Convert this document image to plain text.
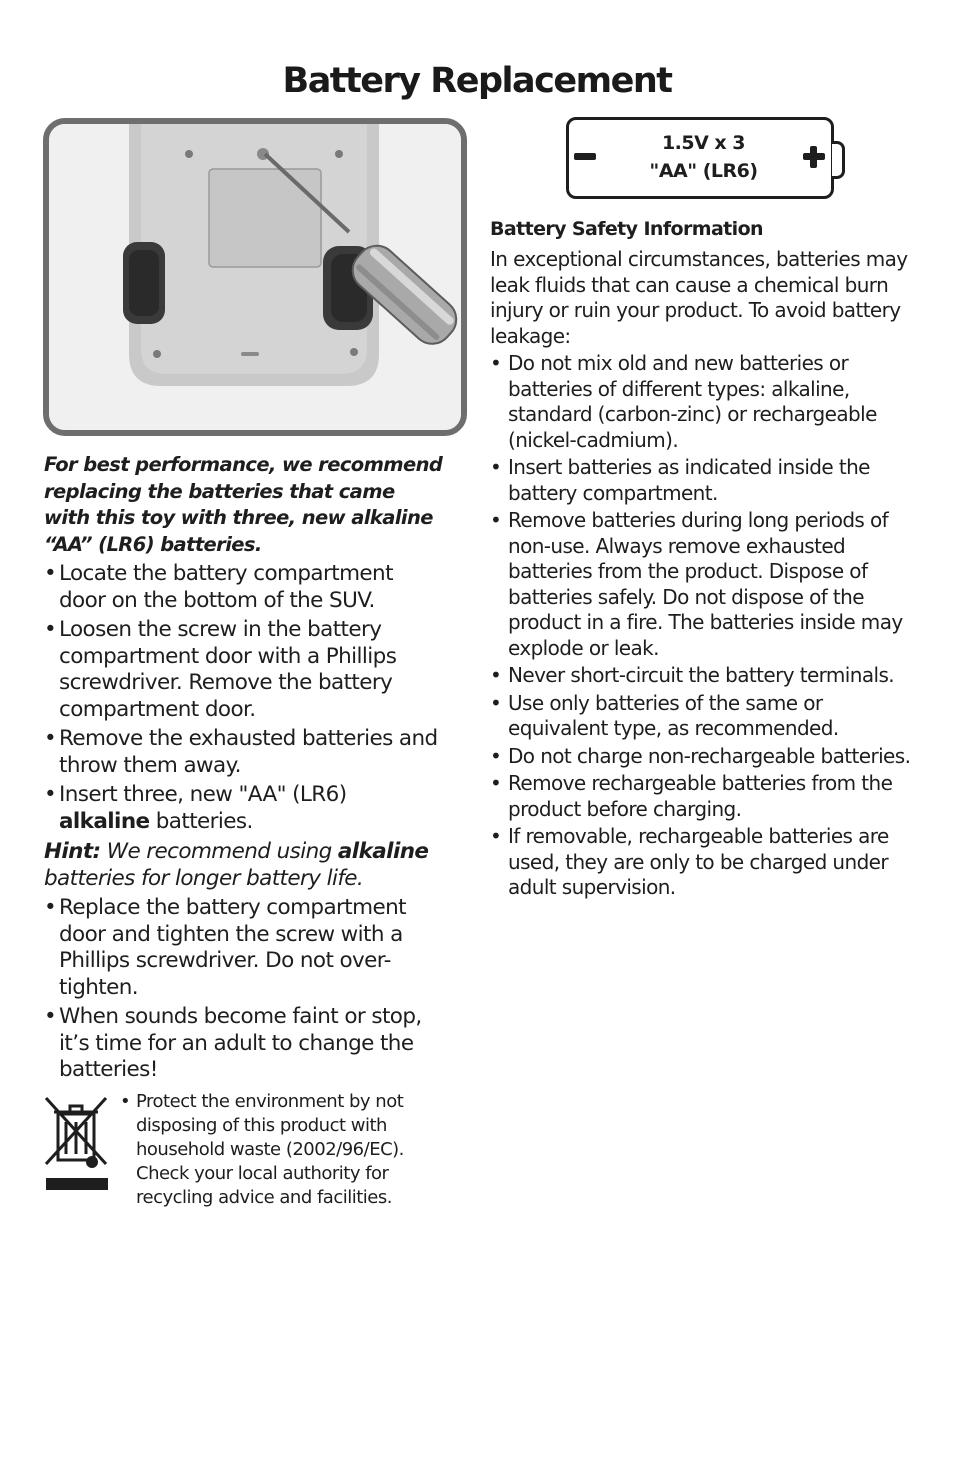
Battery Replacement

For best performance, we recommend replacing the batteries that came with this toy with three, new alkaline “AA” (LR6) batteries.

• Locate the battery compartment door on the bottom of the SUV.
• Loosen the screw in the battery compartment door with a Phillips screwdriver. Remove the battery compartment door.
• Remove the exhausted batteries and throw them away.
• Insert three, new "AA" (LR6)
alkaline batteries.

Hint: We recommend using alkaline batteries for longer battery life.

• Replace the battery compartment door and tighten the screw with a Phillips screwdriver. Do not over-tighten.
• When sounds become faint or stop, it’s time for an adult to change the batteries!
• Protect the environment by not disposing of this product with household waste (2002/96/EC). Check your local authority for recycling advice and facilities.
1.5V x 3
"AA" (LR6)
Battery Safety Information

In exceptional circumstances, batteries may leak fluids that can cause a chemical burn injury or ruin your product. To avoid battery leakage:

• Do not mix old and new batteries or batteries of different types: alkaline, standard (carbon-zinc) or rechargeable (nickel-cadmium).
• Insert batteries as indicated inside the battery compartment.
• Remove batteries during long periods of non-use. Always remove exhausted batteries from the product. Dispose of batteries safely. Do not dispose of the product in a fire. The batteries inside may explode or leak.
• Never short-circuit the battery terminals.
• Use only batteries of the same or equivalent type, as recommended.
• Do not charge non-rechargeable batteries.
• Remove rechargeable batteries from the product before charging.
• If removable, rechargeable batteries are used, they are only to be charged under adult supervision.
